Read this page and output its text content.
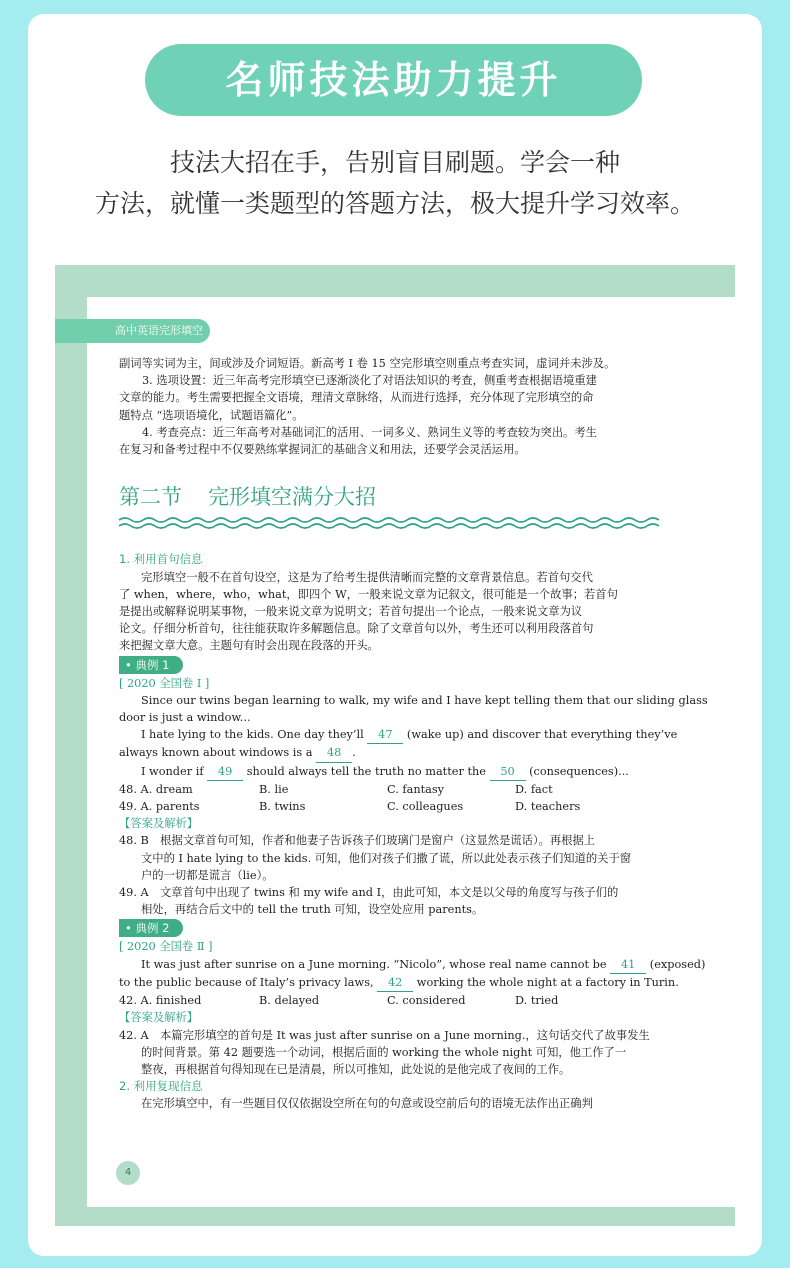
名师技法助力提升
技法大招在手，告别盲目刷题。学会一种
方法，就懂一类题型的答题方法，极大提升学习效率。
高中英语完形填空

副词等实词为主，间或涉及介词短语。新高考 I 卷 15 空完形填空则重点考查实词，虚词并未涉及。

3. 选项设置：近三年高考完形填空已逐渐淡化了对语法知识的考查，侧重考查根据语境重建

文章的能力。考生需要把握全文语境，理清文章脉络，从而进行选择，充分体现了完形填空的命

题特点 “选项语境化，试题语篇化”。

4. 考查亮点：近三年高考对基础词汇的活用、一词多义、熟词生义等的考查较为突出。考生

在复习和备考过程中不仅要熟练掌握词汇的基础含义和用法，还要学会灵活运用。

第二节 完形填空满分大招

1. 利用首句信息

完形填空一般不在首句设空，这是为了给考生提供清晰而完整的文章背景信息。若首句交代

了 when，where，who，what，即四个 W，一般来说文章为记叙文，很可能是一个故事；若首句

是提出或解释说明某事物，一般来说文章为说明文；若首句提出一个论点，一般来说文章为议

论文。仔细分析首句，往往能获取许多解题信息。除了文章首句以外，考生还可以利用段落首句

来把握文章大意。主题句有时会出现在段落的开头。

• 典例 1

[ 2020 全国卷 I ]

Since our twins began learning to walk, my wife and I have kept telling them that our sliding glass

door is just a window...

I hate lying to the kids. One day they’ll 47 (wake up) and discover that everything they’ve

always known about windows is a 48 .

I wonder if 49 should always tell the truth no matter the 50 (consequences)...

48. A. dream	B. lie	C. fantasy	D. fact
49. A. parents	B. twins	C. colleagues	D. teachers

【答案及解析】

48. B　根据文章首句可知，作者和他妻子告诉孩子们玻璃门是窗户（这显然是谎话）。再根据上

文中的 I hate lying to the kids. 可知，他们对孩子们撒了谎，所以此处表示孩子们知道的关于窗

户的一切都是谎言（lie）。

49. A　文章首句中出现了 twins 和 my wife and I，由此可知，本文是以父母的角度写与孩子们的

相处，再结合后文中的 tell the truth 可知，设空处应用 parents。

• 典例 2

[ 2020 全国卷 Ⅱ ]

It was just after sunrise on a June morning. “Nicolo”, whose real name cannot be 41 (exposed)

to the public because of Italy’s privacy laws, 42 working the whole night at a factory in Turin.

42. A. finished	B. delayed	C. considered	D. tried

【答案及解析】

42. A　本篇完形填空的首句是 It was just after sunrise on a June morning.，这句话交代了故事发生

的时间背景。第 42 题要选一个动词，根据后面的 working the whole night 可知，他工作了一

整夜，再根据首句得知现在已是清晨，所以可推知，此处说的是他完成了夜间的工作。

2. 利用复现信息

在完形填空中，有一些题目仅仅依据设空所在句的句意或设空前后句的语境无法作出正确判

4
